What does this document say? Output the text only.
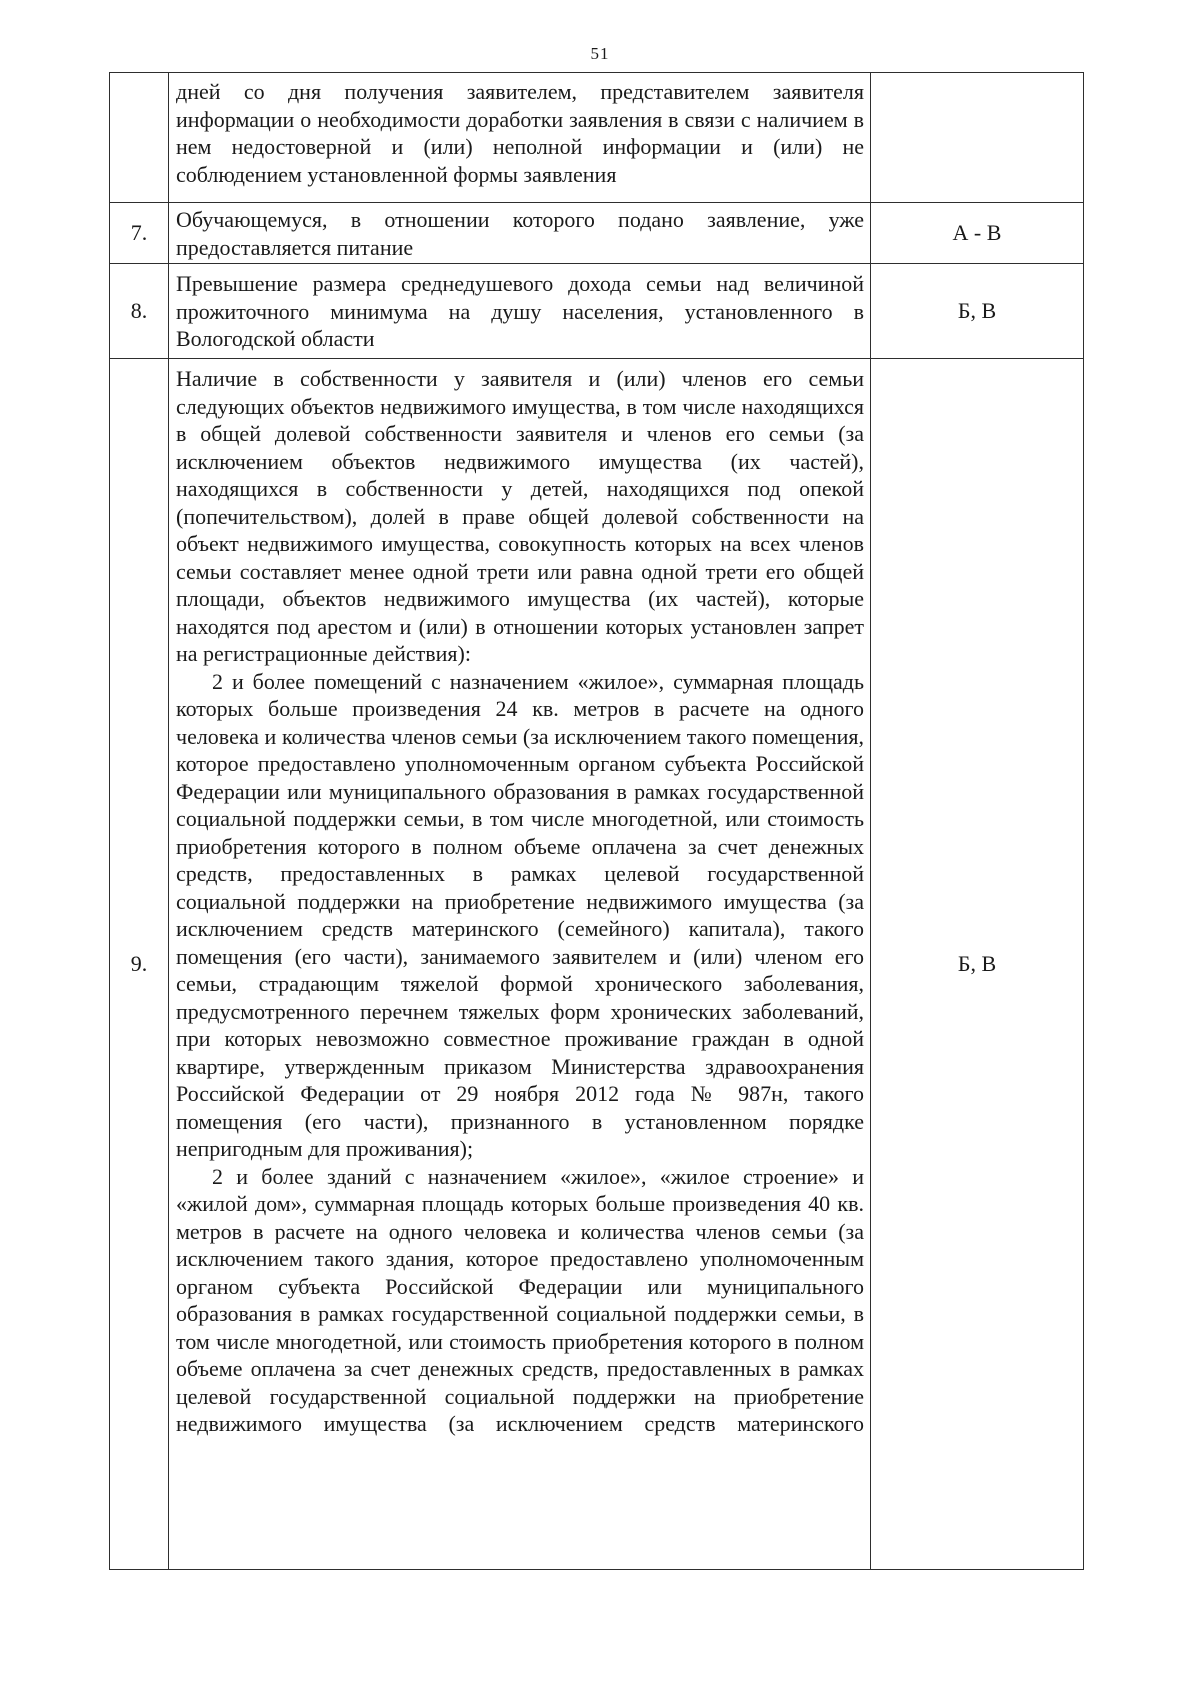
51

	дней со дня получения заявителем, представителем заявителя информации о необходимости доработки заявления в связи с наличием в нем недостоверной и (или) неполной информации и (или) не соблюдением установленной формы заявления	

7.	Обучающемуся, в отношении которого подано заявление, уже предоставляется питание	А - В
8.	Превышение размера среднедушевого дохода семьи над величиной прожиточного минимума на душу населения, установленного в Вологодской области	Б, В
9.	Наличие в собственности у заявителя и (или) членов его семьи следующих объектов недвижимого имущества, в том числе находящихся в общей долевой собственности заявителя и членов его семьи (за исключением объектов недвижимого имущества (их частей), находящихся в собственности у детей, находящихся под опекой (попечительством), долей в праве общей долевой собственности на объект недвижимого имущества, совокупность которых на всех членов семьи составляет менее одной трети или равна одной трети его общей площади, объектов недвижимого имущества (их частей), которые находятся под арестом и (или) в отношении которых установлен запрет на регистрационные действия):

2 и более помещений с назначением «жилое», суммарная площадь которых больше произведения 24 кв. метров в расчете на одного человека и количества членов семьи (за исключением такого помещения, которое предоставлено уполномоченным органом субъекта Российской Федерации или муниципального образования в рамках государственной социальной поддержки семьи, в том числе многодетной, или стоимость приобретения которого в полном объеме оплачена за счет денежных средств, предоставленных в рамках целевой государственной социальной поддержки на приобретение недвижимого имущества (за исключением средств материнского (семейного) капитала), такого помещения (его части), занимаемого заявителем и (или) членом его семьи, страдающим тяжелой формой хронического заболевания, предусмотренного перечнем тяжелых форм хронических заболеваний, при которых невозможно совместное проживание граждан в одной квартире, утвержденным приказом Министерства здравоохранения Российской Федерации от 29 ноября 2012 года № 987н, такого помещения (его части), признанного в установленном порядке непригодным для проживания);

2 и более зданий с назначением «жилое», «жилое строение» и «жилой дом», суммарная площадь которых больше произведения 40 кв. метров в расчете на одного человека и количества членов семьи (за исключением такого здания, которое предоставлено уполномоченным органом субъекта Российской Федерации или муниципального образования в рамках государственной социальной поддержки семьи, в том числе многодетной, или стоимость приобретения которого в полном объеме оплачена за счет денежных средств, предоставленных в рамках целевой государственной социальной поддержки на приобретение недвижимого имущества (за исключением средств материнского	Б, В
